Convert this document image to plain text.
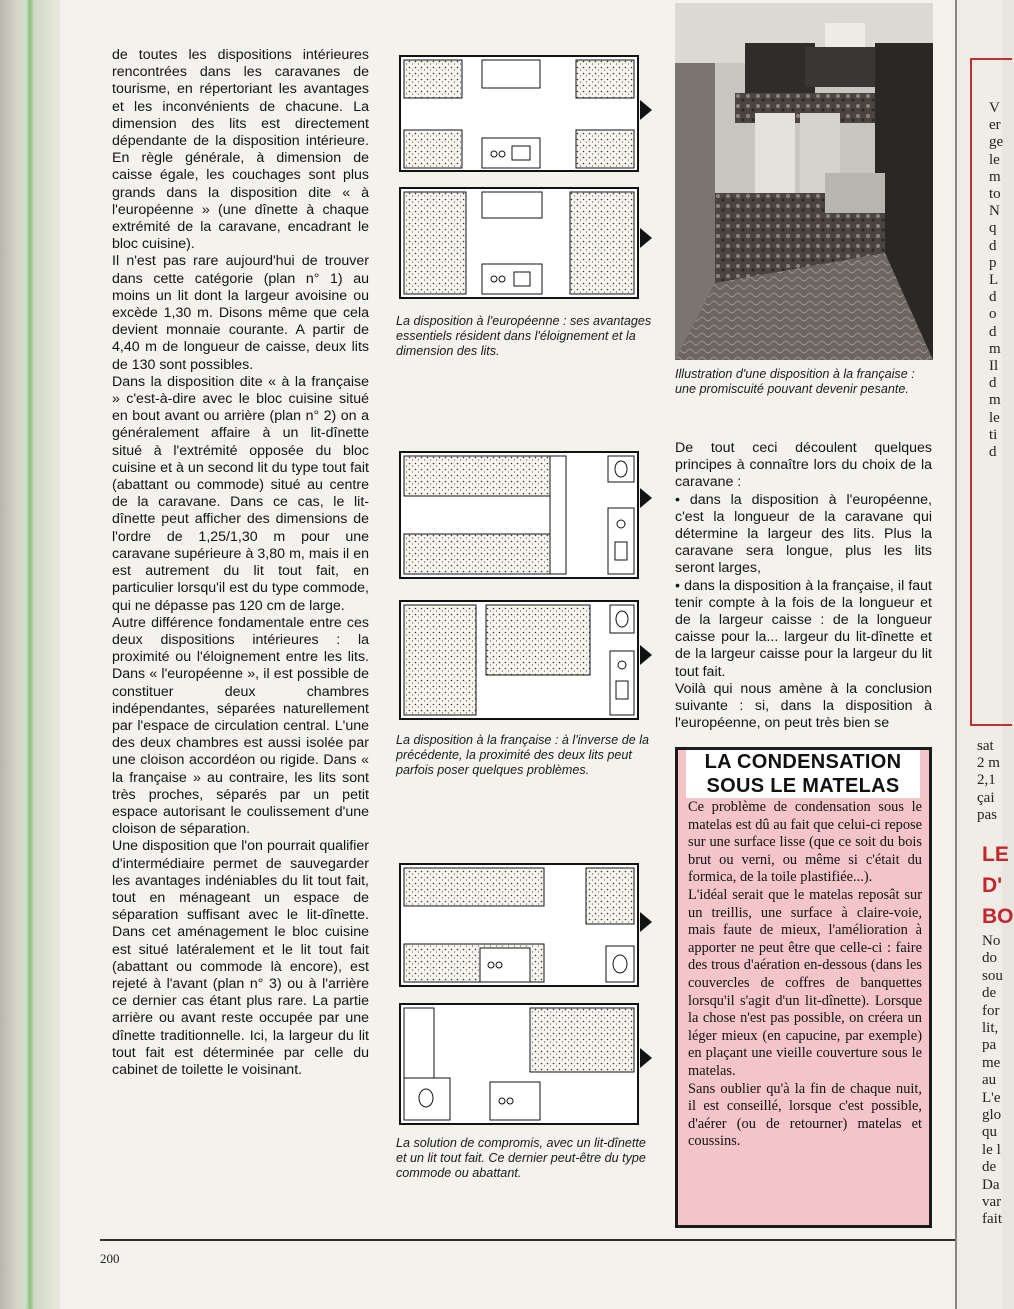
de toutes les dispositions intérieures rencontrées dans les caravanes de tourisme, en répertoriant les avantages et les inconvénients de chacune. La dimension des lits est directement dépendante de la disposition intérieure. En règle générale, à dimension de caisse égale, les couchages sont plus grands dans la disposition dite « à l'européenne » (une dînette à chaque extrémité de la caravane, encadrant le bloc cuisine).

Il n'est pas rare aujourd'hui de trouver dans cette catégorie (plan n° 1) au moins un lit dont la largeur avoisine ou excède 1,30 m. Disons même que cela devient monnaie courante. A partir de 4,40 m de longueur de caisse, deux lits de 130 sont possibles.

Dans la disposition dite « à la française » c'est-à-dire avec le bloc cuisine situé en bout avant ou arrière (plan n° 2) on a généralement affaire à un lit-dînette situé à l'extrémité opposée du bloc cuisine et à un second lit du type tout fait (abattant ou commode) situé au centre de la caravane. Dans ce cas, le lit-dînette peut afficher des dimensions de l'ordre de 1,25/1,30 m pour une caravane supérieure à 3,80 m, mais il en est autrement du lit tout fait, en particulier lorsqu'il est du type commode, qui ne dépasse pas 120 cm de large.

Autre différence fondamentale entre ces deux dispositions intérieures : la proximité ou l'éloignement entre les lits. Dans « l'européenne », il est possible de constituer deux chambres indépendantes, séparées naturellement par l'espace de circulation central. L'une des deux chambres est aussi isolée par une cloison accordéon ou rigide. Dans « la française » au contraire, les lits sont très proches, séparés par un petit espace autorisant le coulissement d'une cloison de séparation.

Une disposition que l'on pourrait qualifier d'intermédiaire permet de sauvegarder les avantages indéniables du lit tout fait, tout en ménageant un espace de séparation suffisant avec le lit-dînette. Dans cet aménagement le bloc cuisine est situé latéralement et le lit tout fait (abattant ou commode là encore), est rejeté à l'avant (plan n° 3) ou à l'arrière ce dernier cas étant plus rare. La partie arrière ou avant reste occupée par une dînette traditionnelle. Ici, la largeur du lit tout fait est déterminée par celle du cabinet de toilette le voisinant.

La disposition à l'européenne : ses avantages essentiels résident dans l'éloignement et la dimension des lits.
La disposition à la française : à l'inverse de la précédente, la proximité des deux lits peut parfois poser quelques problèmes.
La solution de compromis, avec un lit-dînette et un lit tout fait. Ce dernier peut-être du type commode ou abattant.
Illustration d'une disposition à la française : une promiscuité pouvant devenir pesante.

De tout ceci découlent quelques principes à connaître lors du choix de la caravane :

• dans la disposition à l'européenne, c'est la longueur de la caravane qui détermine la largeur des lits. Plus la caravane sera longue, plus les lits seront larges,

• dans la disposition à la française, il faut tenir compte à la fois de la longueur et de la largeur caisse : de la longueur caisse pour la... largeur du lit-dînette et de la largeur caisse pour la largeur du lit tout fait.

Voilà qui nous amène à la conclusion suivante : si, dans la disposition à l'européenne, on peut très bien se

LA CONDENSATION
SOUS LE MATELAS

Ce problème de condensation sous le matelas est dû au fait que celui-ci repose sur une surface lisse (que ce soit du bois brut ou verni, ou même si c'était du formica, de la toile plastifiée...).

L'idéal serait que le matelas reposât sur un treillis, une surface à claire-voie, mais faute de mieux, l'amélioration à apporter ne peut être que celle-ci : faire des trous d'aération en-dessous (dans les couvercles de coffres de banquettes lorsqu'il s'agit d'un lit-dînette). Lorsque la chose n'est pas possible, on créera un léger mieux (en capucine, par exemple) en plaçant une vieille couverture sous le matelas.

Sans oublier qu'à la fin de chaque nuit, il est conseillé, lorsque c'est possible, d'aérer (ou de retourner) matelas et coussins.

200
V
er
ge
le
m
to
N
q
d
p
L
d
o
d
m
Il
d
m
le
ti
d
sat
2 m
2,1
çai
pas
LE
D'
BO
No
do
sou
de
for
lit,
pa
me
au
L'e
glo
qu
le l
de
Da
var
fait
